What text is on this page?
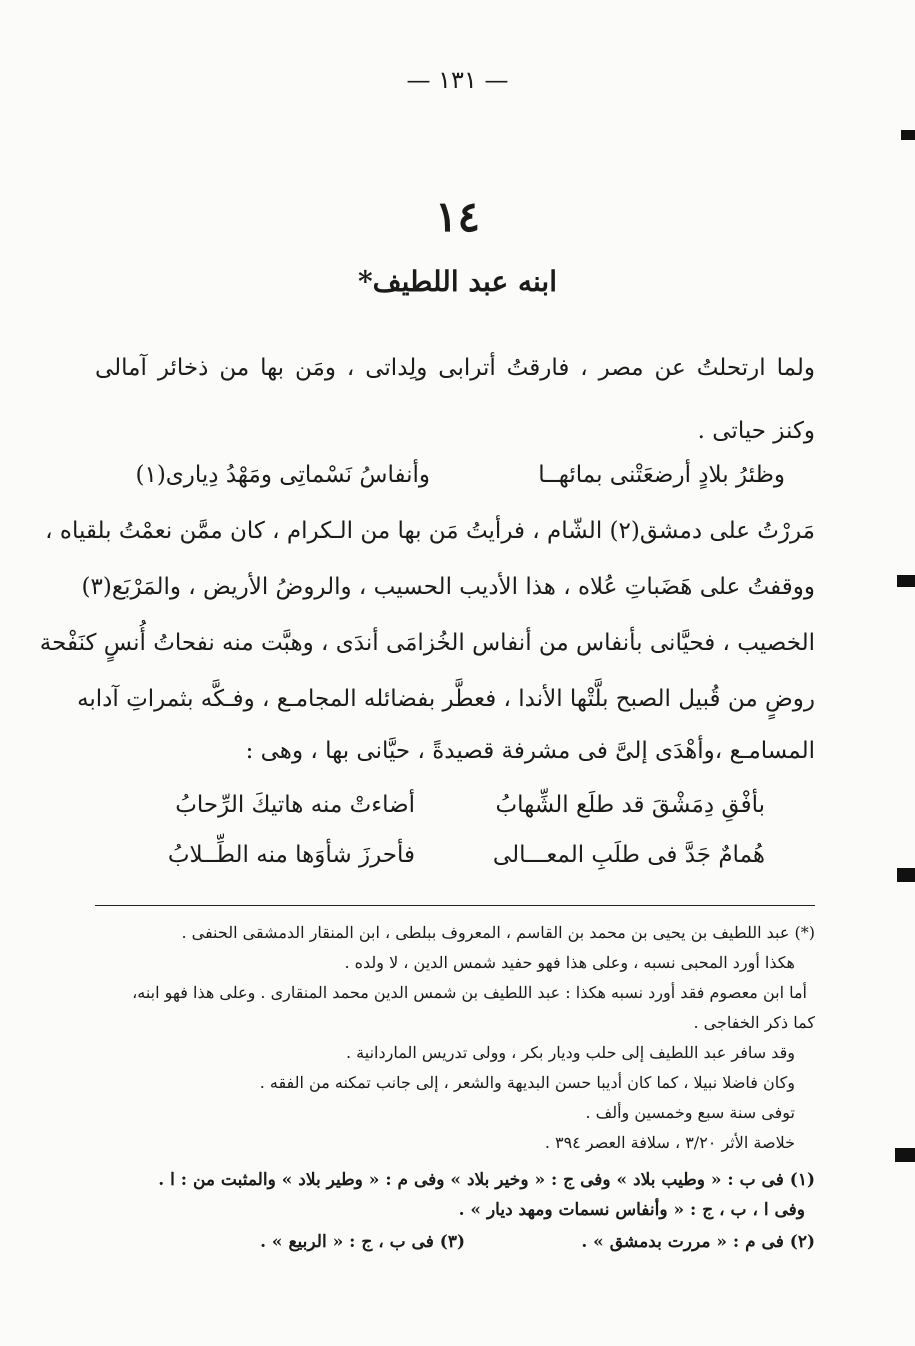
— ١٣١ —
١٤
ابنه عبد اللطيف*
ولما ارتحلتُ عن مصر ، فارقتُ أترابى ولِداتى ، ومَن بها من ذخائر آمالى
وكنز حياتى .
وظئرُ بلادٍ أرضعَتْنى بمائهــا
وأنفاسُ نَسْماتِى ومَهْدُ دِيارى(١)
مَررْتُ على دمشق(٢) الشّام ، فرأيتُ مَن بها من الـكرام ، كان ممَّن نعمْتُ بلقياه ،
ووقفتُ على هَضَباتِ عُلاه ، هذا الأديب الحسيب ، والروضُ الأريض ، والمَرْبَع(٣)
الخصيب ، فحيَّانى بأنفاس من أنفاس الخُزامَى أندَى ، وهبَّت منه نفحاتُ أُنسٍ كنَفْحة
روضٍ من قُبيل الصبح بلَّتْها الأندا ، فعطَّر بفضائله المجامـع ، وفـكَّه بثمراتِ آدابه
المسامـع ،وأهْدَى إلىَّ فى مشرفة قصيدةً ، حيَّانى بها ، وهى :
بأفْقِ دِمَشْقَ قد طلَع الشِّهابُ
أضاءتْ منه هاتيكَ الرِّحابُ
هُمامٌ جَدَّ فى طلَبِ المعـــالى
فأحرزَ شأوَها منه الطِّــلابُ
(*) عبد اللطيف بن يحيى بن محمد بن القاسم ، المعروف ببلطى ، ابن المنقار الدمشقى الحنفى .
هكذا أورد المحبى نسبه ، وعلى هذا فهو حفيد شمس الدين ، لا ولده .
أما ابن معصوم فقد أورد نسبه هكذا : عبد اللطيف بن شمس الدين محمد المنقارى . وعلى هذا فهو ابنه،
كما ذكر الخفاجى .
وقد سافر عبد اللطيف إلى حلب وديار بكر ، وولى تدريس الماردانية .
وكان فاضلا نبيلا ، كما كان أديبا حسن البديهة والشعر ، إلى جانب تمكنه من الفقه .
توفى سنة سبع وخمسين وألف .
خلاصة الأثر ٣/٢٠ ، سلافة العصر ٣٩٤ .
(١) فى ب : « وطيب بلاد » وفى ج : « وخير بلاد » وفى م : « وطير بلاد » والمثبت من : ا .
وفى ا ، ب ، ج : « وأنفاس نسمات ومهد ديار » .
(٢) فى م : « مررت بدمشق » .
(٣) فى ب ، ج : « الربيع » .
